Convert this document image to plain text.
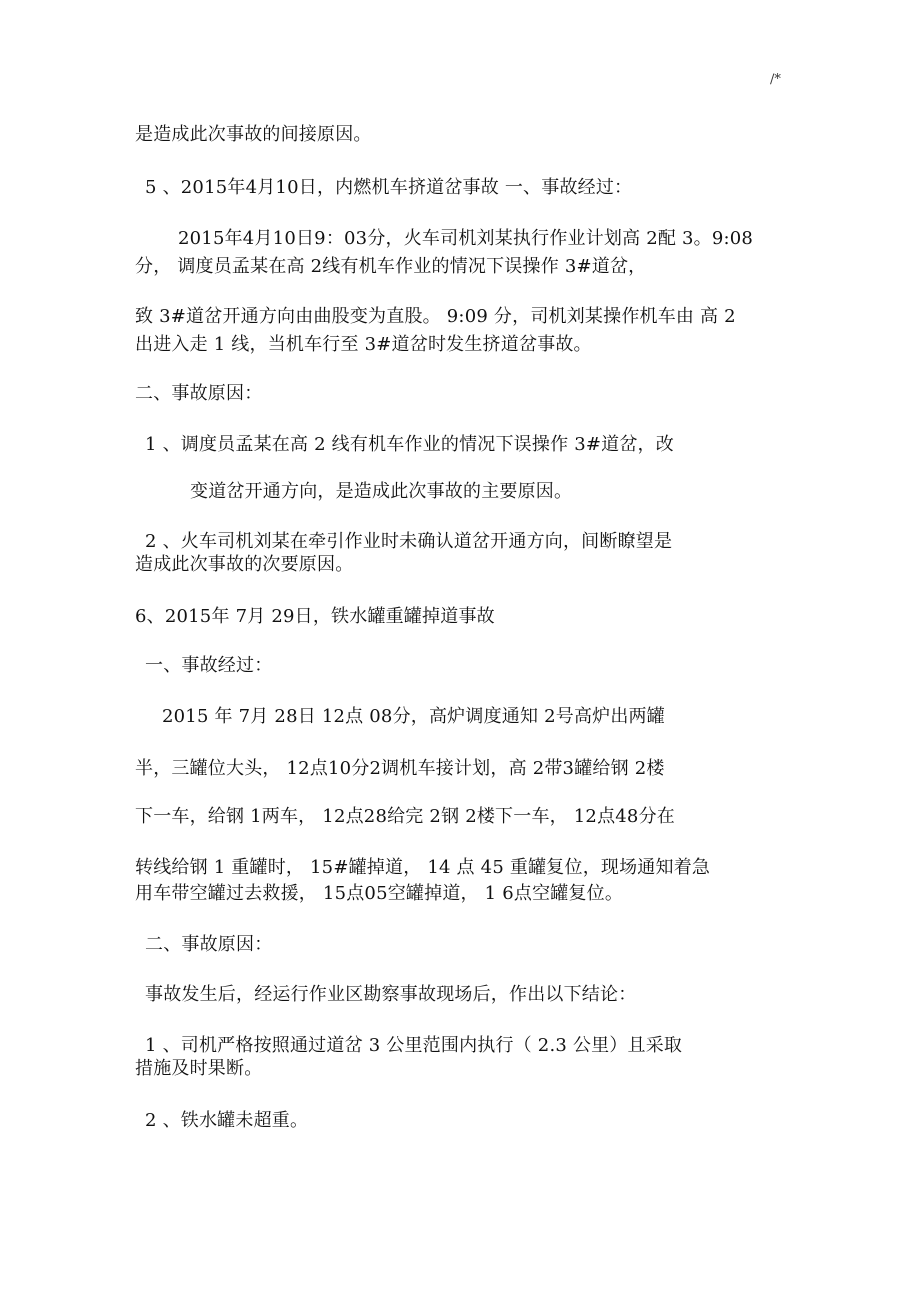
/*
是造成此次事故的间接原因。
5 、2015年4月10日，内燃机车挤道岔事故 一、事故经过：
2015年4月10日9：03分，火车司机刘某执行作业计划高 2配 3。9:08
分， 调度员孟某在高 2线有机车作业的情况下误操作 3#道岔，
致 3#道岔开通方向由曲股变为直股。 9:09 分，司机刘某操作机车由 高 2
出进入走 1 线，当机车行至 3#道岔时发生挤道岔事故。
二、事故原因：
1 、调度员孟某在高 2 线有机车作业的情况下误操作 3#道岔，改
变道岔开通方向，是造成此次事故的主要原因。
2 、火车司机刘某在牵引作业时未确认道岔开通方向，间断瞭望是
造成此次事故的次要原因。
6、2015年 7月 29日，铁水罐重罐掉道事故
一、事故经过：
2015 年 7月 28日 12点 08分，高炉调度通知 2号高炉出两罐
半，三罐位大头， 12点10分2调机车接计划，高 2带3罐给钢 2楼
下一车，给钢 1两车， 12点28给完 2钢 2楼下一车， 12点48分在
转线给钢 1 重罐时， 15#罐掉道， 14 点 45 重罐复位，现场通知着急
用车带空罐过去救援， 15点05空罐掉道， 1 6点空罐复位。
二、事故原因：
事故发生后，经运行作业区勘察事故现场后，作出以下结论：
1 、司机严格按照通过道岔 3 公里范围内执行（ 2.3 公里）且采取
措施及时果断。
2 、铁水罐未超重。
